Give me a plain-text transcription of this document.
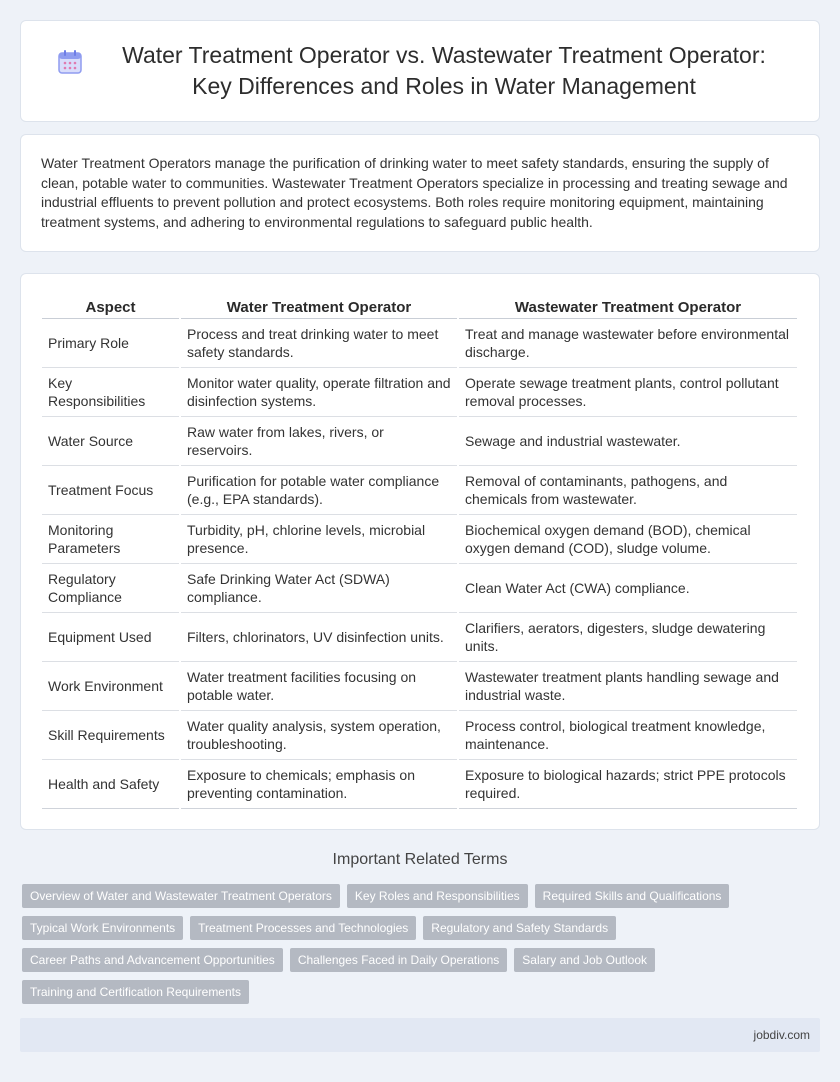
Water Treatment Operator vs. Wastewater Treatment Operator: Key Differences and Roles in Water Management

Water Treatment Operators manage the purification of drinking water to meet safety standards, ensuring the supply of clean, potable water to communities. Wastewater Treatment Operators specialize in processing and treating sewage and industrial effluents to prevent pollution and protect ecosystems. Both roles require monitoring equipment, maintaining treatment systems, and adhering to environmental regulations to safeguard public health.

Aspect	Water Treatment Operator	Wastewater Treatment Operator
Primary Role	Process and treat drinking water to meet safety standards.	Treat and manage wastewater before environmental discharge.
Key Responsibilities	Monitor water quality, operate filtration and disinfection systems.	Operate sewage treatment plants, control pollutant removal processes.
Water Source	Raw water from lakes, rivers, or reservoirs.	Sewage and industrial wastewater.
Treatment Focus	Purification for potable water compliance (e.g., EPA standards).	Removal of contaminants, pathogens, and chemicals from wastewater.
Monitoring Parameters	Turbidity, pH, chlorine levels, microbial presence.	Biochemical oxygen demand (BOD), chemical oxygen demand (COD), sludge volume.
Regulatory Compliance	Safe Drinking Water Act (SDWA) compliance.	Clean Water Act (CWA) compliance.
Equipment Used	Filters, chlorinators, UV disinfection units.	Clarifiers, aerators, digesters, sludge dewatering units.
Work Environment	Water treatment facilities focusing on potable water.	Wastewater treatment plants handling sewage and industrial waste.
Skill Requirements	Water quality analysis, system operation, troubleshooting.	Process control, biological treatment knowledge, maintenance.
Health and Safety	Exposure to chemicals; emphasis on preventing contamination.	Exposure to biological hazards; strict PPE protocols required.
Important Related Terms
Overview of Water and Wastewater Treatment Operators	Key Roles and Responsibilities	Required Skills and Qualifications
Typical Work Environments	Treatment Processes and Technologies	Regulatory and Safety Standards
Career Paths and Advancement Opportunities	Challenges Faced in Daily Operations	Salary and Job Outlook
Training and Certification Requirements
jobdiv.com
